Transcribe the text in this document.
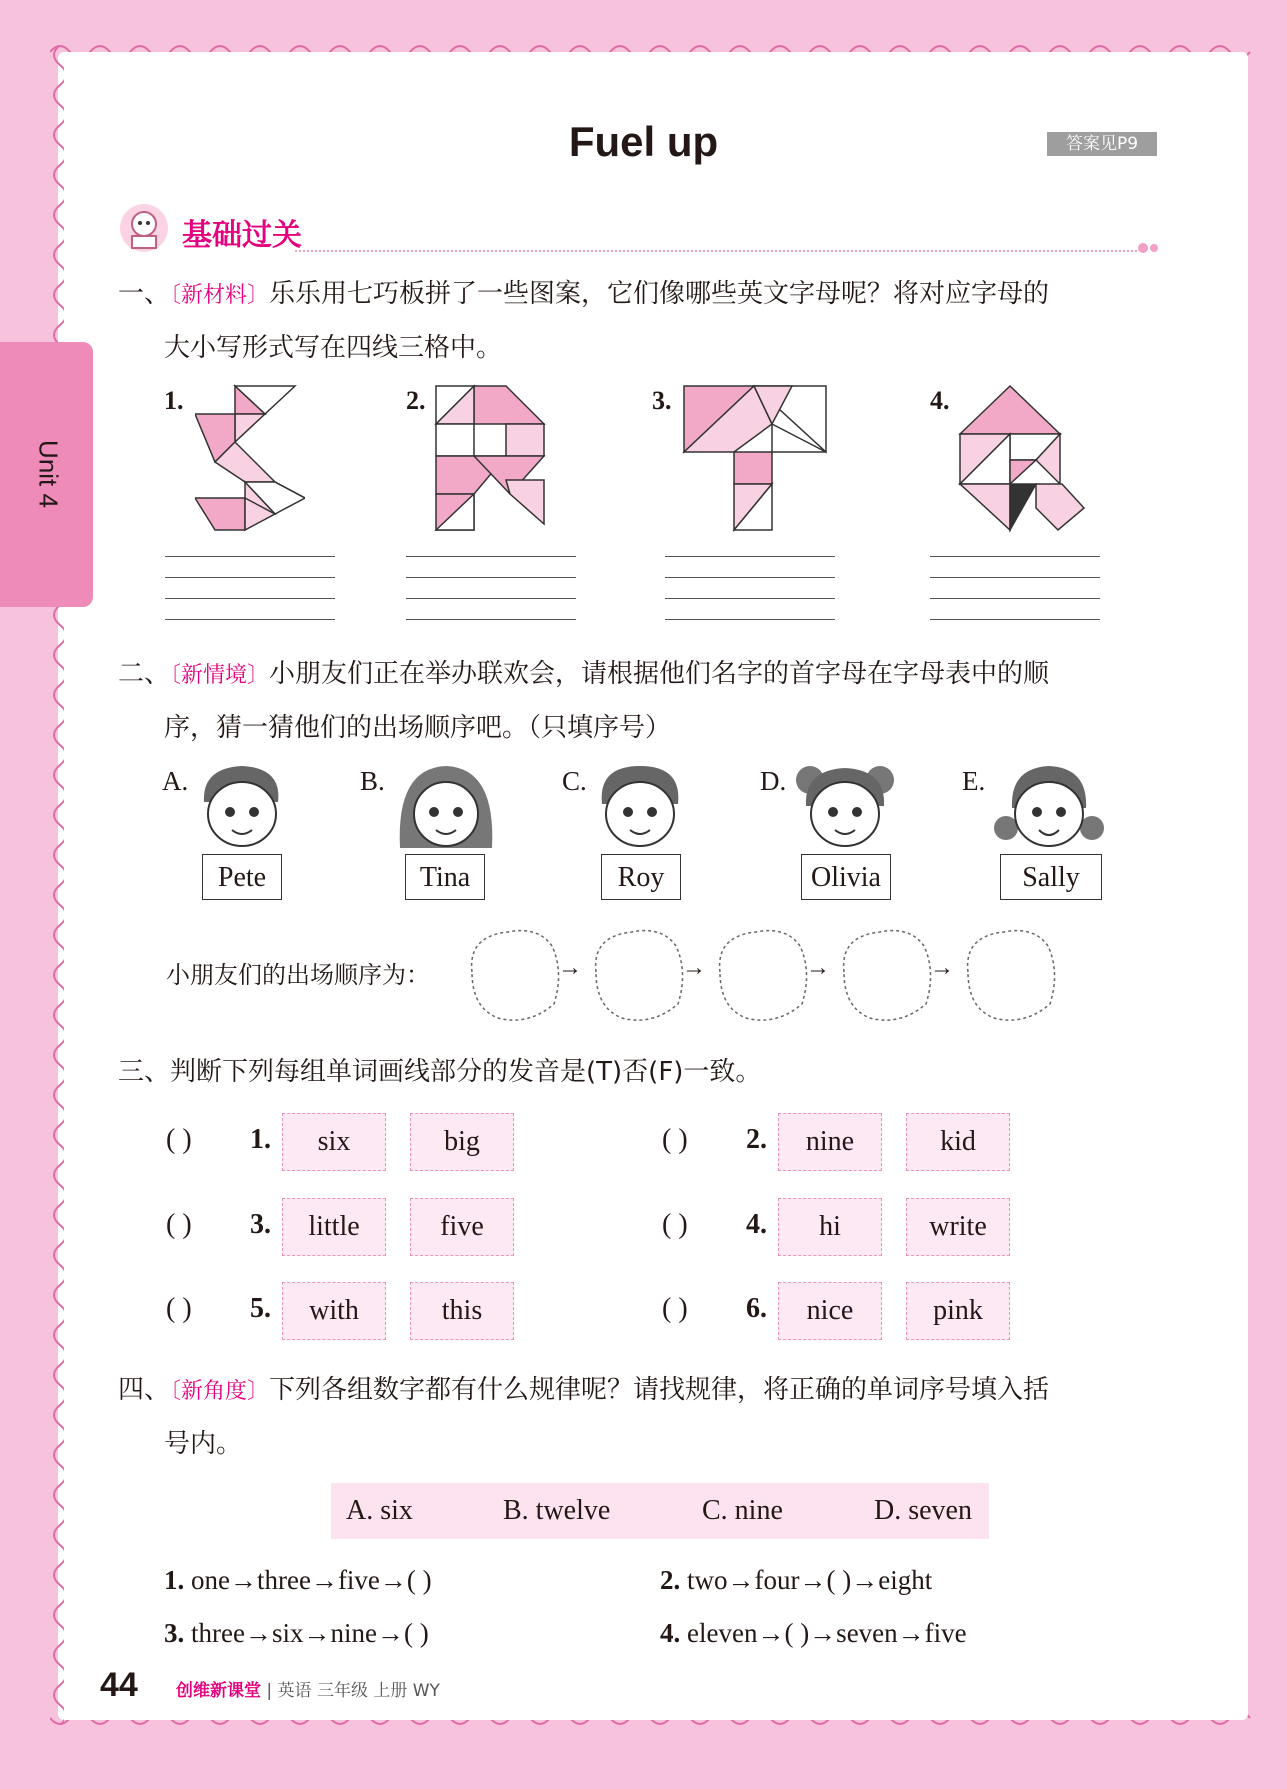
Unit 4
Fuel up	答案见P9
基础过关
一、〔新材料〕乐乐用七巧板拼了一些图案，它们像哪些英文字母呢？将对应字母的
大小写形式写在四线三格中。
1.	2.	3.	4.
二、〔新情境〕小朋友们正在举办联欢会，请根据他们名字的首字母在字母表中的顺
序，猜一猜他们的出场顺序吧。（只填序号）
A.	B.	C.	D.	E.
Pete	Tina	Roy	Olivia	Sally
小朋友们的出场顺序为：	→	→	→	→
三、判断下列每组单词画线部分的发音是(T)否(F)一致。
( ) 1.	six	big	( ) 2.	nine	kid
( ) 3.	little	five	( ) 4.	hi	write
( ) 5.	with	this	( ) 6.	nice	pink
四、〔新角度〕下列各组数字都有什么规律呢？请找规律，将正确的单词序号填入括
号内。
A. six	B. twelve	C. nine	D. seven
1. one→three→five→( )	2. two→four→( )→eight
3. three→six→nine→( )	4. eleven→( )→seven→five
44 创维新课堂 | 英语 三年级 上册 WY
